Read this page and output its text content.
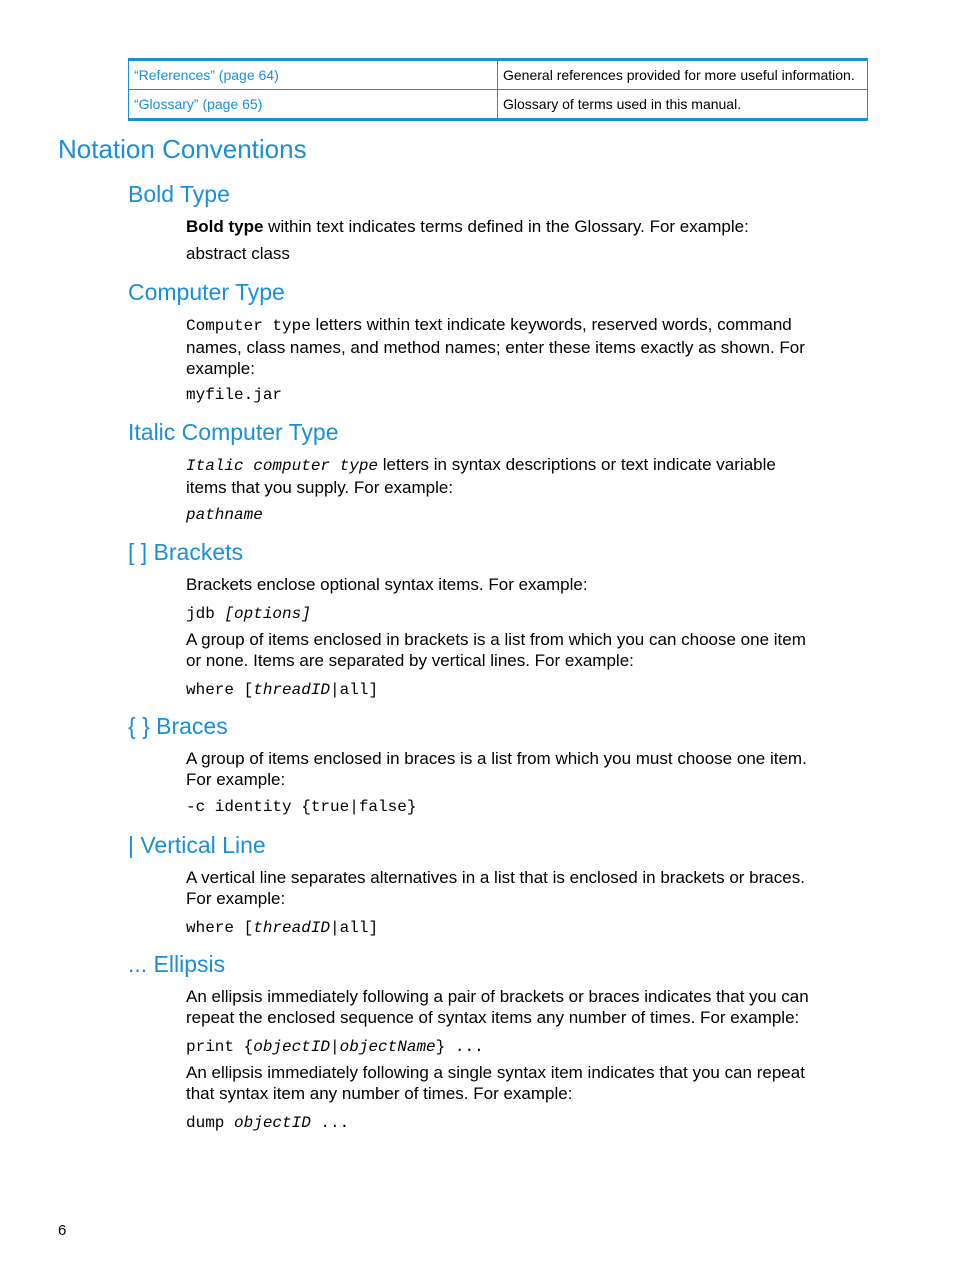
“References” (page 64)	General references provided for more useful information.
“Glossary” (page 65)	Glossary of terms used in this manual.
Notation Conventions
Bold Type

Bold type within text indicates terms defined in the Glossary. For example:

abstract class

Computer Type

Computer type letters within text indicate keywords, reserved words, command names, class names, and method names; enter these items exactly as shown. For example:

myfile.jar

Italic Computer Type

Italic computer type letters in syntax descriptions or text indicate variable items that you supply. For example:

pathname

[ ] Brackets

Brackets enclose optional syntax items. For example:

jdb [options]

A group of items enclosed in brackets is a list from which you can choose one item or none. Items are separated by vertical lines. For example:

where [threadID|all]

{ } Braces

A group of items enclosed in braces is a list from which you must choose one item. For example:

-c identity {true|false}

| Vertical Line

A vertical line separates alternatives in a list that is enclosed in brackets or braces. For example:

where [threadID|all]

... Ellipsis

An ellipsis immediately following a pair of brackets or braces indicates that you can repeat the enclosed sequence of syntax items any number of times. For example:

print {objectID|objectName} ...

An ellipsis immediately following a single syntax item indicates that you can repeat that syntax item any number of times. For example:

dump objectID ...

6
